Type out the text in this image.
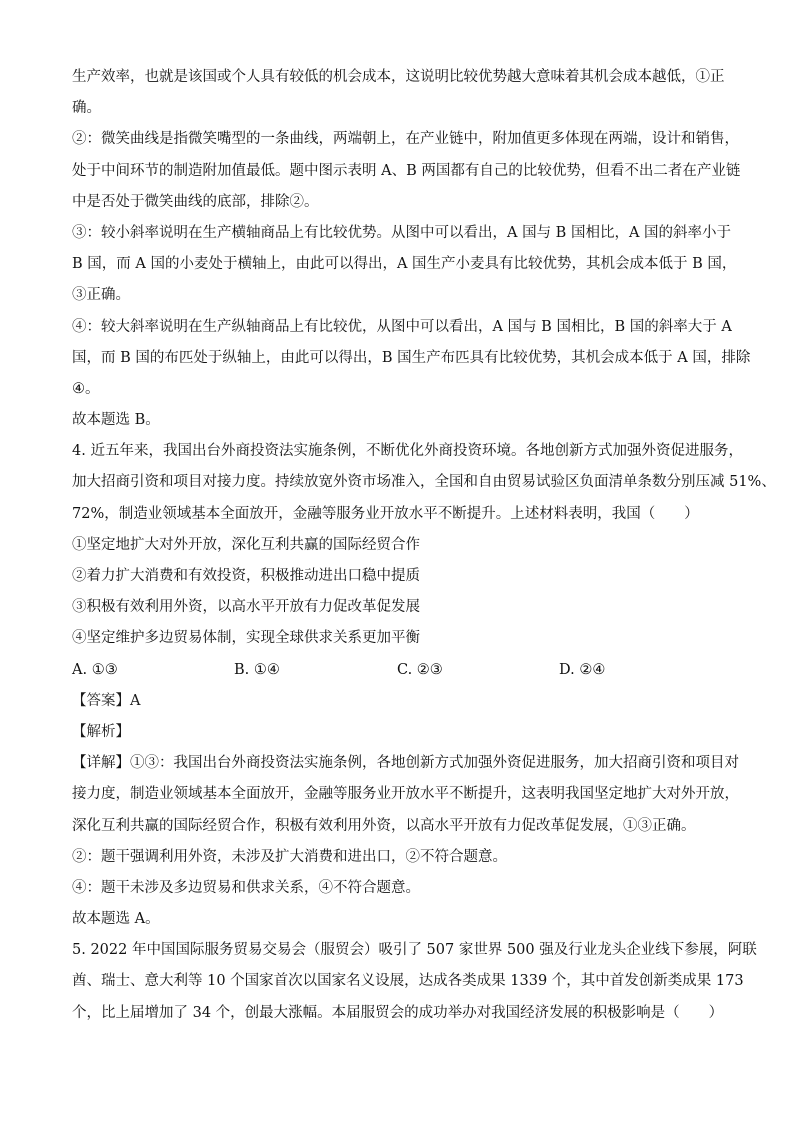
生产效率，也就是该国或个人具有较低的机会成本，这说明比较优势越大意味着其机会成本越低，①正
确。
②：微笑曲线是指微笑嘴型的一条曲线，两端朝上，在产业链中，附加值更多体现在两端，设计和销售，
处于中间环节的制造附加值最低。题中图示表明 A、B 两国都有自己的比较优势，但看不出二者在产业链
中是否处于微笑曲线的底部，排除②。
③：较小斜率说明在生产横轴商品上有比较优势。从图中可以看出，A 国与 B 国相比，A 国的斜率小于
B 国，而 A 国的小麦处于横轴上，由此可以得出，A 国生产小麦具有比较优势，其机会成本低于 B 国，
③正确。
④：较大斜率说明在生产纵轴商品上有比较优，从图中可以看出，A 国与 B 国相比，B 国的斜率大于 A
国，而 B 国的布匹处于纵轴上，由此可以得出，B 国生产布匹具有比较优势，其机会成本低于 A 国，排除
④。
故本题选 B。
4. 近五年来，我国出台外商投资法实施条例，不断优化外商投资环境。各地创新方式加强外资促进服务，
加大招商引资和项目对接力度。持续放宽外资市场准入，全国和自由贸易试验区负面清单条数分别压减 51%、
72%，制造业领域基本全面放开，金融等服务业开放水平不断提升。上述材料表明，我国（　　）
①坚定地扩大对外开放，深化互利共赢的国际经贸合作
②着力扩大消费和有效投资，积极推动进出口稳中提质
③积极有效利用外资，以高水平开放有力促改革促发展
④坚定维护多边贸易体制，实现全球供求关系更加平衡
A. ①③	B. ①④	C. ②③	D. ②④
【答案】A
【解析】
【详解】①③：我国出台外商投资法实施条例，各地创新方式加强外资促进服务，加大招商引资和项目对
接力度，制造业领域基本全面放开，金融等服务业开放水平不断提升，这表明我国坚定地扩大对外开放，
深化互利共赢的国际经贸合作，积极有效利用外资，以高水平开放有力促改革促发展，①③正确。
②：题干强调利用外资，未涉及扩大消费和进出口，②不符合题意。
④：题干未涉及多边贸易和供求关系，④不符合题意。
故本题选 A。
5. 2022 年中国国际服务贸易交易会（服贸会）吸引了 507 家世界 500 强及行业龙头企业线下参展，阿联
酋、瑞士、意大利等 10 个国家首次以国家名义设展，达成各类成果 1339 个，其中首发创新类成果 173
个，比上届增加了 34 个，创最大涨幅。本届服贸会的成功举办对我国经济发展的积极影响是（　　）
